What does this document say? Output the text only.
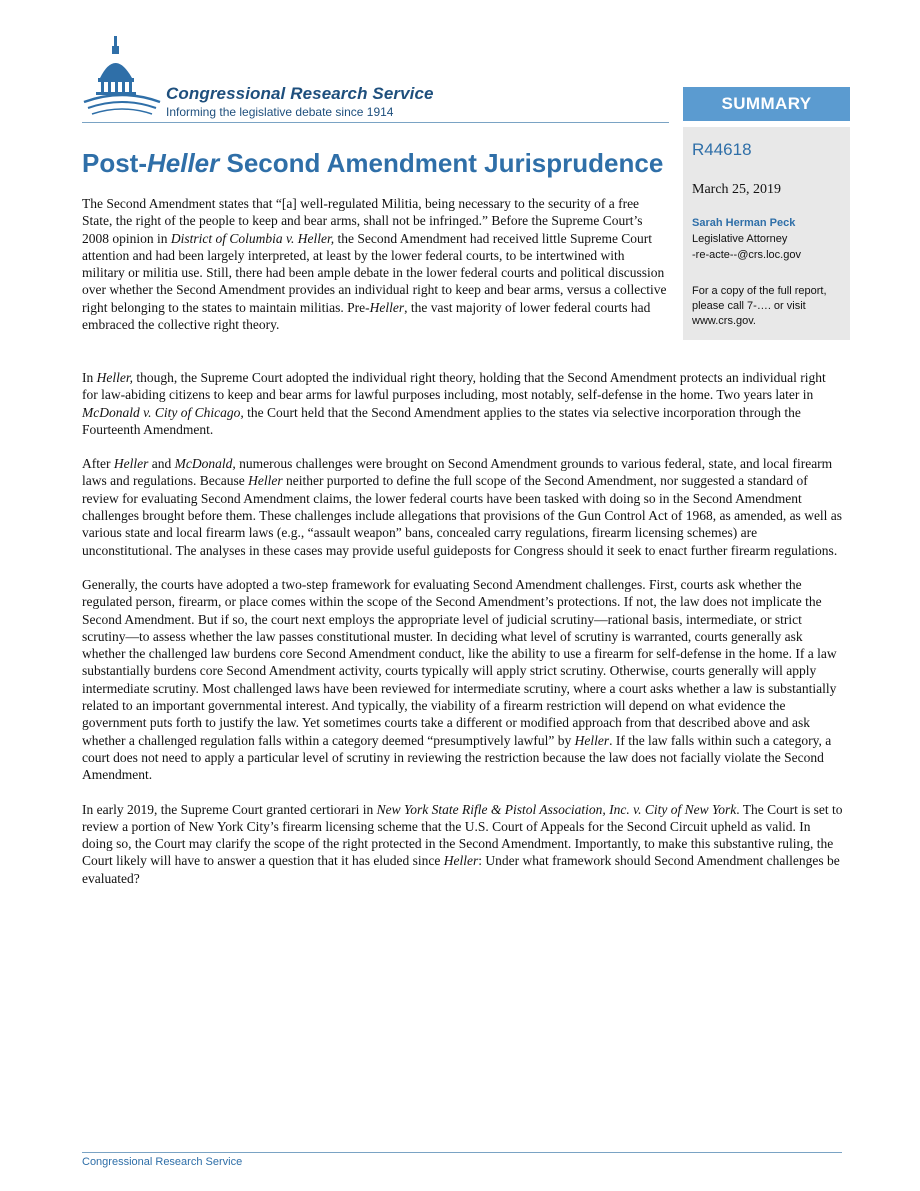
Congressional Research Service
Informing the legislative debate since 1914	SUMMARY
R44618
March 25, 2019
Sarah Herman Peck
Legislative Attorney
-re-acte--@crs.loc.gov
For a copy of the full report,
please call 7-…. or visit
www.crs.gov.
Post-Heller Second Amendment Jurisprudence

The Second Amendment states that “[a] well-regulated Militia, being necessary to the security of a free State, the right of the people to keep and bear arms, shall not be infringed.” Before the Supreme Court’s 2008 opinion in District of Columbia v. Heller, the Second Amendment had received little Supreme Court attention and had been largely interpreted, at least by the lower federal courts, to be intertwined with military or militia use. Still, there had been ample debate in the lower federal courts and political discussion over whether the Second Amendment provides an individual right to keep and bear arms, versus a collective right belonging to the states to maintain militias. Pre-Heller, the vast majority of lower federal courts had embraced the collective right theory.

In Heller, though, the Supreme Court adopted the individual right theory, holding that the Second Amendment protects an individual right for law-abiding citizens to keep and bear arms for lawful purposes including, most notably, self-defense in the home. Two years later in McDonald v. City of Chicago, the Court held that the Second Amendment applies to the states via selective incorporation through the Fourteenth Amendment.

After Heller and McDonald, numerous challenges were brought on Second Amendment grounds to various federal, state, and local firearm laws and regulations. Because Heller neither purported to define the full scope of the Second Amendment, nor suggested a standard of review for evaluating Second Amendment claims, the lower federal courts have been tasked with doing so in the Second Amendment challenges brought before them. These challenges include allegations that provisions of the Gun Control Act of 1968, as amended, as well as various state and local firearm laws (e.g., “assault weapon” bans, concealed carry regulations, firearm licensing schemes) are unconstitutional. The analyses in these cases may provide useful guideposts for Congress should it seek to enact further firearm regulations.

Generally, the courts have adopted a two-step framework for evaluating Second Amendment challenges. First, courts ask whether the regulated person, firearm, or place comes within the scope of the Second Amendment’s protections. If not, the law does not implicate the Second Amendment. But if so, the court next employs the appropriate level of judicial scrutiny—rational basis, intermediate, or strict scrutiny—to assess whether the law passes constitutional muster. In deciding what level of scrutiny is warranted, courts generally ask whether the challenged law burdens core Second Amendment conduct, like the ability to use a firearm for self-defense in the home. If a law substantially burdens core Second Amendment activity, courts typically will apply strict scrutiny. Otherwise, courts generally will apply intermediate scrutiny. Most challenged laws have been reviewed for intermediate scrutiny, where a court asks whether a law is substantially related to an important governmental interest. And typically, the viability of a firearm restriction will depend on what evidence the government puts forth to justify the law. Yet sometimes courts take a different or modified approach from that described above and ask whether a challenged regulation falls within a category deemed “presumptively lawful” by Heller. If the law falls within such a category, a court does not need to apply a particular level of scrutiny in reviewing the restriction because the law does not facially violate the Second Amendment.

In early 2019, the Supreme Court granted certiorari in New York State Rifle & Pistol Association, Inc. v. City of New York. The Court is set to review a portion of New York City’s firearm licensing scheme that the U.S. Court of Appeals for the Second Circuit upheld as valid. In doing so, the Court may clarify the scope of the right protected in the Second Amendment. Importantly, to make this substantive ruling, the Court likely will have to answer a question that it has eluded since Heller: Under what framework should Second Amendment challenges be evaluated?

Congressional Research Service
